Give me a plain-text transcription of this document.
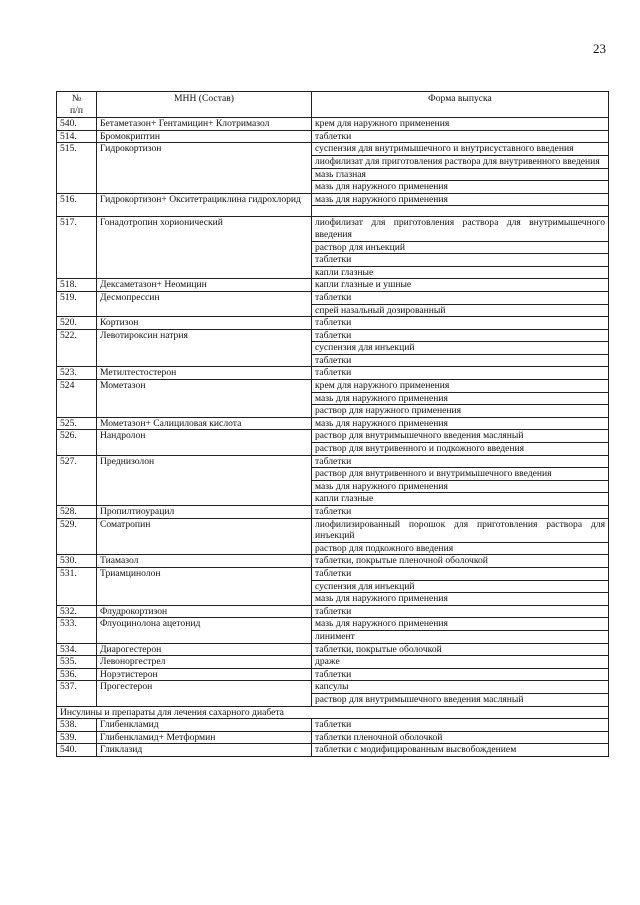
23
№
п/п	МНН (Состав)	Форма выпуска
540.	Бетаметазон+ Гентамицин+ Клотримазол	крем для наружного применения
514.	Бромокриптин	таблетки
515.	Гидрокортизон	суспензия для внутримышечного и внутрисуставного введения
		лиофилизат для приготовления раствора для внутривенного введения
		мазь глазная
		мазь для наружного применения
516.	Гидрокортизон+ Окситетрациклина гидрохлорид	мазь для наружного применения

517.	Гонадотропин хорионический	лиофилизат для приготовления раствора для внутримышечного введения
		раствор для инъекций
		таблетки
		капли глазные
518.	Дексаметазон+ Неомицин	капли глазные и ушные
519.	Десмопрессин	таблетки
		спрей назальный дозированный
520.	Кортизон	таблетки
522.	Левотироксин натрия	таблетки
		суспензия для инъекций
		таблетки
523.	Метилтестостерон	таблетки
524	Мометазон	крем для наружного применения
		мазь для наружного применения
		раствор для наружного применения
525.	Мометазон+ Салициловая кислота	мазь для наружного применения
526.	Нандролон	раствор для внутримышечного введения масляный
		раствор для внутривенного и подкожного введения
527.	Преднизолон	таблетки
		раствор для внутривенного и внутримышечного введения
		мазь для наружного применения
		капли глазные
528.	Пропилтиоурацил	таблетки
529.	Соматропин	лиофилизированный порошок для приготовления раствора для инъекций
		раствор для подкожного введения
530.	Тиамазол	таблетки, покрытые пленочной оболочкой
531.	Триамцинолон	таблетки
		суспензия для инъекций
		мазь для наружного применения
532.	Флудрокортизон	таблетки
533.	Флуоцинолона ацетонид	мазь для наружного применения
		линимент
534.	Диарогестерон	таблетки, покрытые оболочкой
535.	Левоноргестрел	драже
536.	Норэтистерон	таблетки
537.	Прогестерон	капсулы
		раствор для внутримышечного введения масляный
Инсулины и препараты для лечения сахарного диабета		
538.	Глибенкламид	таблетки
539.	Глибенкламид+ Метформин	таблетки пленочной оболочкой
540.	Гликлазид	таблетки с модифицированным высвобождением
